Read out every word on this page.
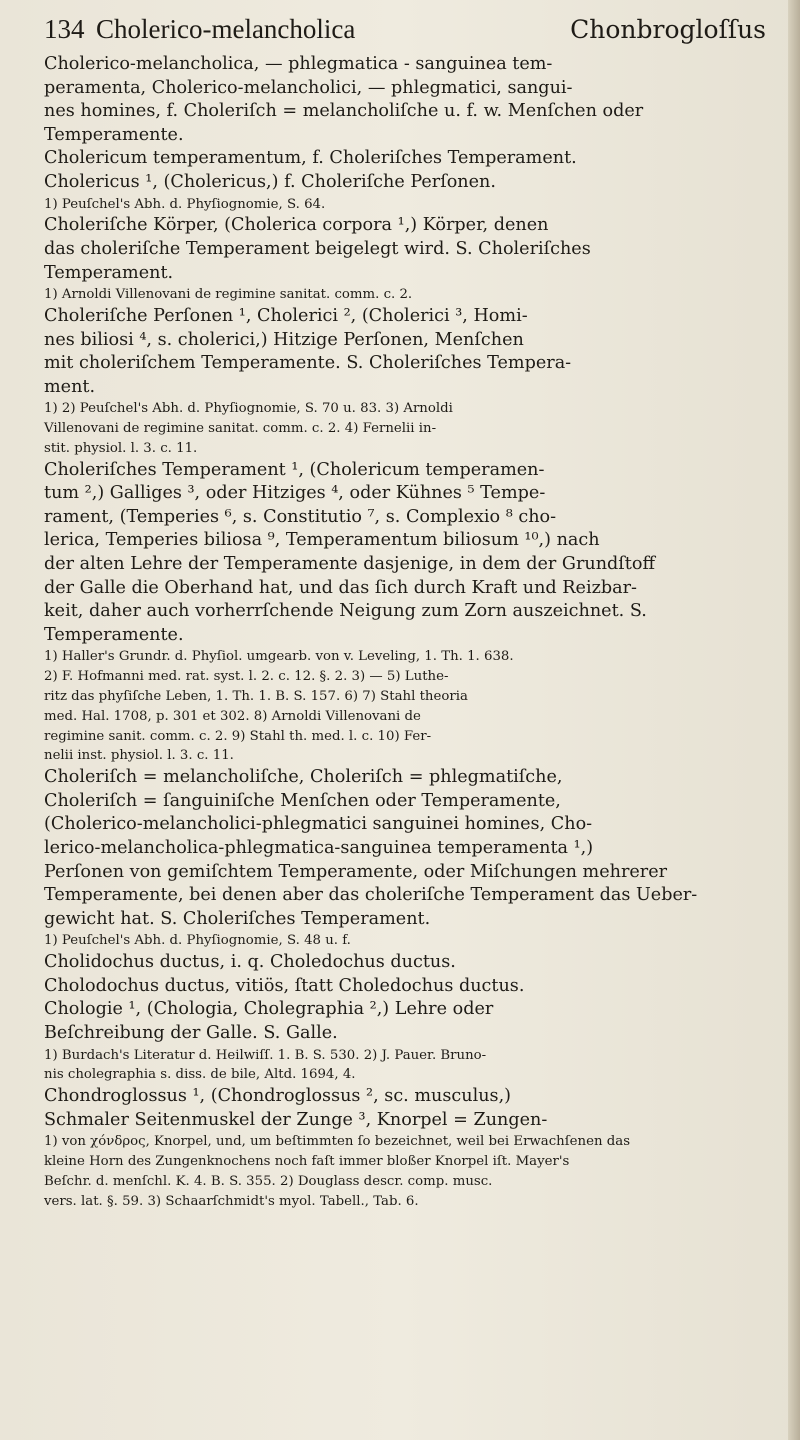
134 Cholerico-melancholica	Chonbrogloſſus

Cholerico-melancholica, — phlegmatica - sanguinea tem-

peramenta, Cholerico-melancholici, — phlegmatici, sangui-

nes homines, f. Choleriſch = melancholiſche u. f. w. Menſchen oder

Temperamente.

Cholericum temperamentum, f. Choleriſches Temperament.

Cholericus ¹, (Cholericus,) f. Choleriſche Perſonen.

1) Peuſchel's Abh. d. Phyſiognomie, S. 64.

Choleriſche Körper, (Cholerica corpora ¹,) Körper, denen

das choleriſche Temperament beigelegt wird. S. Choleriſches

Temperament.

1) Arnoldi Villenovani de regimine sanitat. comm. c. 2.

Choleriſche Perſonen ¹, Cholerici ², (Cholerici ³, Homi-

nes biliosi ⁴, s. cholerici,) Hitzige Perſonen, Menſchen

mit choleriſchem Temperamente. S. Choleriſches Tempera-

ment.

1) 2) Peuſchel's Abh. d. Phyſiognomie, S. 70 u. 83. 3) Arnoldi

Villenovani de regimine sanitat. comm. c. 2. 4) Fernelii in-

stit. physiol. l. 3. c. 11.

Choleriſches Temperament ¹, (Cholericum temperamen-

tum ²,) Galliges ³, oder Hitziges ⁴, oder Kühnes ⁵ Tempe-

rament, (Temperies ⁶, s. Constitutio ⁷, s. Complexio ⁸ cho-

lerica, Temperies biliosa ⁹, Temperamentum biliosum ¹⁰,) nach

der alten Lehre der Temperamente dasjenige, in dem der Grundſtoff

der Galle die Oberhand hat, und das ſich durch Kraft und Reizbar-

keit, daher auch vorherrſchende Neigung zum Zorn auszeichnet. S.

Temperamente.

1) Haller's Grundr. d. Phyſiol. umgearb. von v. Leveling, 1. Th. 1. 638.

2) F. Hofmanni med. rat. syst. l. 2. c. 12. §. 2. 3) — 5) Luthe-

ritz das phyſiſche Leben, 1. Th. 1. B. S. 157. 6) 7) Stahl theoria

med. Hal. 1708, p. 301 et 302. 8) Arnoldi Villenovani de

regimine sanit. comm. c. 2. 9) Stahl th. med. l. c. 10) Fer-

nelii inst. physiol. l. 3. c. 11.

Choleriſch = melancholiſche, Choleriſch = phlegmatiſche,

Choleriſch = ſanguiniſche Menſchen oder Temperamente,

(Cholerico-melancholici-phlegmatici sanguinei homines, Cho-

lerico-melancholica-phlegmatica-sanguinea temperamenta ¹,)

Perſonen von gemiſchtem Temperamente, oder Miſchungen mehrerer

Temperamente, bei denen aber das choleriſche Temperament das Ueber-

gewicht hat. S. Choleriſches Temperament.

1) Peuſchel's Abh. d. Phyſiognomie, S. 48 u. f.

Cholidochus ductus, i. q. Choledochus ductus.

Cholodochus ductus, vitiös, ſtatt Choledochus ductus.

Chologie ¹, (Chologia, Cholegraphia ²,) Lehre oder

Beſchreibung der Galle. S. Galle.

1) Burdach's Literatur d. Heilwiſſ. 1. B. S. 530. 2) J. Pauer. Bruno-

nis cholegraphia s. diss. de bile, Altd. 1694, 4.

Chondroglossus ¹, (Chondroglossus ², sc. musculus,)

Schmaler Seitenmuskel der Zunge ³, Knorpel = Zungen-

1) von χόνδρος, Knorpel, und, um beſtimmten ſo bezeichnet, weil bei Erwachſenen das

kleine Horn des Zungenknochens noch faſt immer bloßer Knorpel iſt. Mayer's

Beſchr. d. menſchl. K. 4. B. S. 355. 2) Douglass descr. comp. musc.

vers. lat. §. 59. 3) Schaarſchmidt's myol. Tabell., Tab. 6.
